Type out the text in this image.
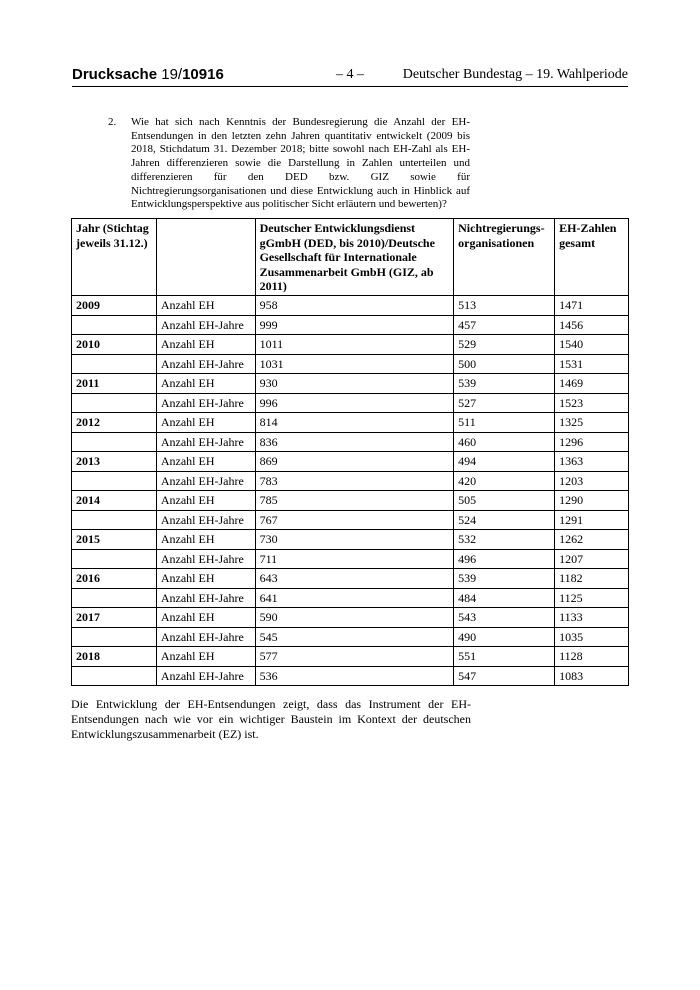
Drucksache 19/10916	– 4 –	Deutscher Bundestag – 19. Wahlperiode
2. Wie hat sich nach Kenntnis der Bundesregierung die Anzahl der EH-Entsendungen in den letzten zehn Jahren quantitativ entwickelt (2009 bis 2018, Stichdatum 31. Dezember 2018; bitte sowohl nach EH-Zahl als EH-Jahren differenzieren sowie die Darstellung in Zahlen unterteilen und differenzieren für den DED bzw. GIZ sowie für Nichtregierungsorganisationen und diese Entwicklung auch in Hinblick auf Entwicklungsperspektive aus politischer Sicht erläutern und bewerten)?
Jahr (Stichtag jeweils 31.12.)		Deutscher Entwicklungsdienst gGmbH (DED, bis 2010)/Deutsche Gesellschaft für Internationale Zusammenarbeit GmbH (GIZ, ab 2011)	Nichtregierungs- organisationen	EH-Zahlen gesamt
2009	Anzahl EH	958	513	1471
	Anzahl EH-Jahre	999	457	1456
2010	Anzahl EH	1011	529	1540
	Anzahl EH-Jahre	1031	500	1531
2011	Anzahl EH	930	539	1469
	Anzahl EH-Jahre	996	527	1523
2012	Anzahl EH	814	511	1325
	Anzahl EH-Jahre	836	460	1296
2013	Anzahl EH	869	494	1363
	Anzahl EH-Jahre	783	420	1203
2014	Anzahl EH	785	505	1290
	Anzahl EH-Jahre	767	524	1291
2015	Anzahl EH	730	532	1262
	Anzahl EH-Jahre	711	496	1207
2016	Anzahl EH	643	539	1182
	Anzahl EH-Jahre	641	484	1125
2017	Anzahl EH	590	543	1133
	Anzahl EH-Jahre	545	490	1035
2018	Anzahl EH	577	551	1128
	Anzahl EH-Jahre	536	547	1083

Die Entwicklung der EH-Entsendungen zeigt, dass das Instrument der EH-Entsendungen nach wie vor ein wichtiger Baustein im Kontext der deutschen Entwicklungszusammenarbeit (EZ) ist.
